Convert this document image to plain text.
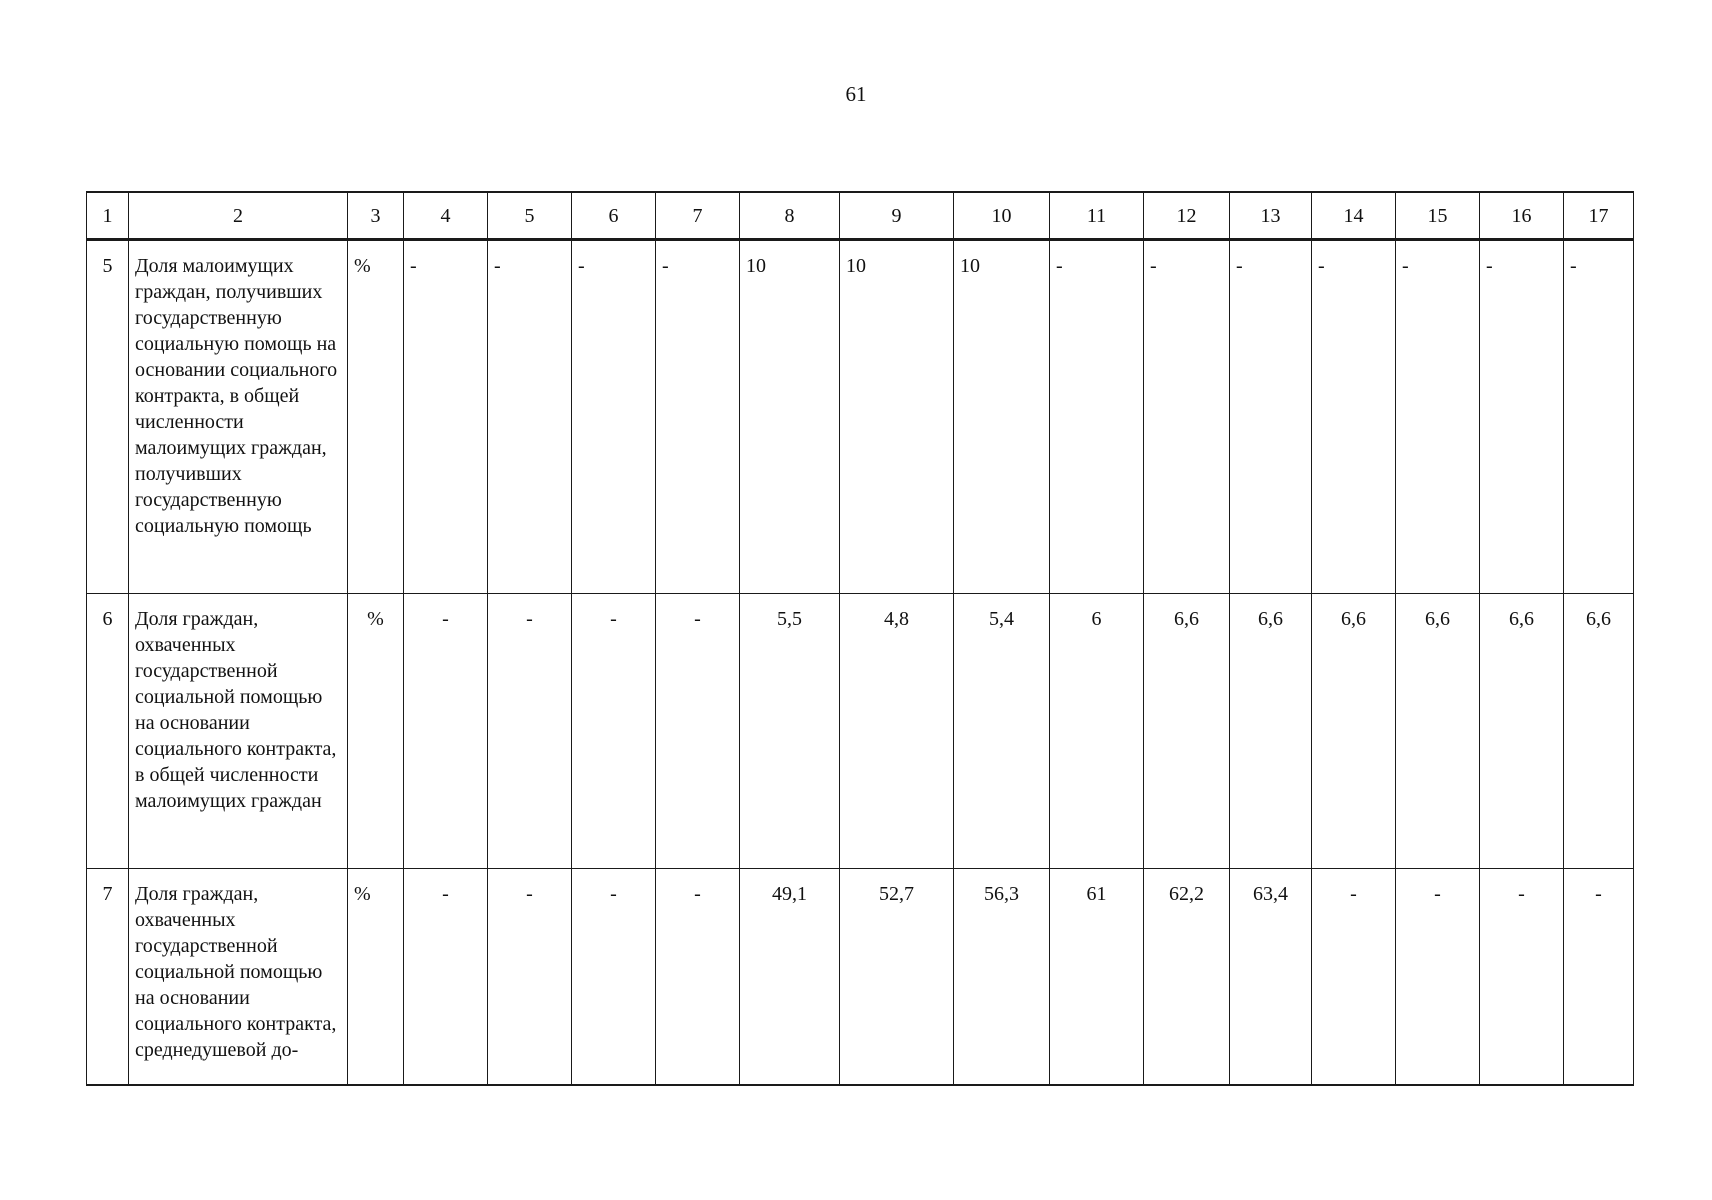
61
1	2	3	4	5	6	7	8	9	10	11	12	13	14	15	16	17
5	Доля малоимущих граждан, получивших государственную социальную помощь на основании социального контракта, в общей численности малоимущих граждан, получивших государственную социальную помощь	%	-	-	-	-	10	10	10	-	-	-	-	-	-	-
6	Доля граждан, охваченных государственной социальной помощью на основании социального контракта, в общей численности малоимущих граждан	%	-	-	-	-	5,5	4,8	5,4	6	6,6	6,6	6,6	6,6	6,6	6,6
7	Доля граждан, охваченных государственной социальной помощью на основании социального контракта, среднедушевой до-	%	-	-	-	-	49,1	52,7	56,3	61	62,2	63,4	-	-	-	-
